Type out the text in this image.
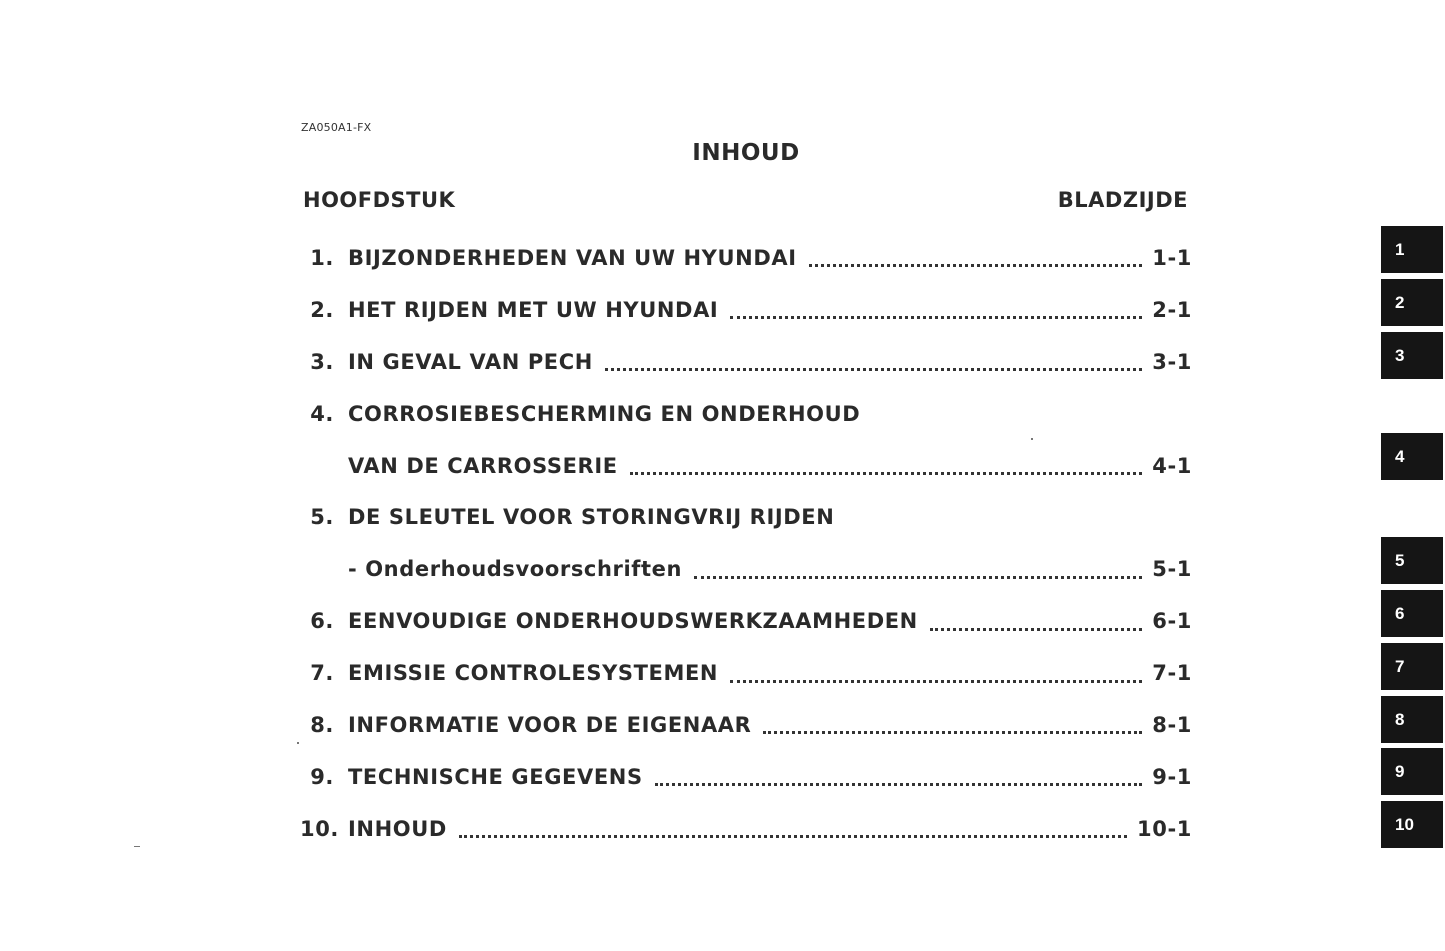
ZA050A1-FX
INHOUD
HOOFDSTUK	BLADZIJDE
1. BIJZONDERHEDEN VAN UW HYUNDAI	1-1
2. HET RIJDEN MET UW HYUNDAI	2-1
3. IN GEVAL VAN PECH	3-1
4. CORROSIEBESCHERMING EN ONDERHOUD
VAN DE CARROSSERIE	4-1
5. DE SLEUTEL VOOR STORINGVRIJ RIJDEN
- Onderhoudsvoorschriften	5-1
6. EENVOUDIGE ONDERHOUDSWERKZAAMHEDEN	6-1
7. EMISSIE CONTROLESYSTEMEN	7-1
8. INFORMATIE VOOR DE EIGENAAR	8-1
9. TECHNISCHE GEGEVENS	9-1
10. INHOUD	10-1
1
2
3
4
5
6
7
8
9
10
